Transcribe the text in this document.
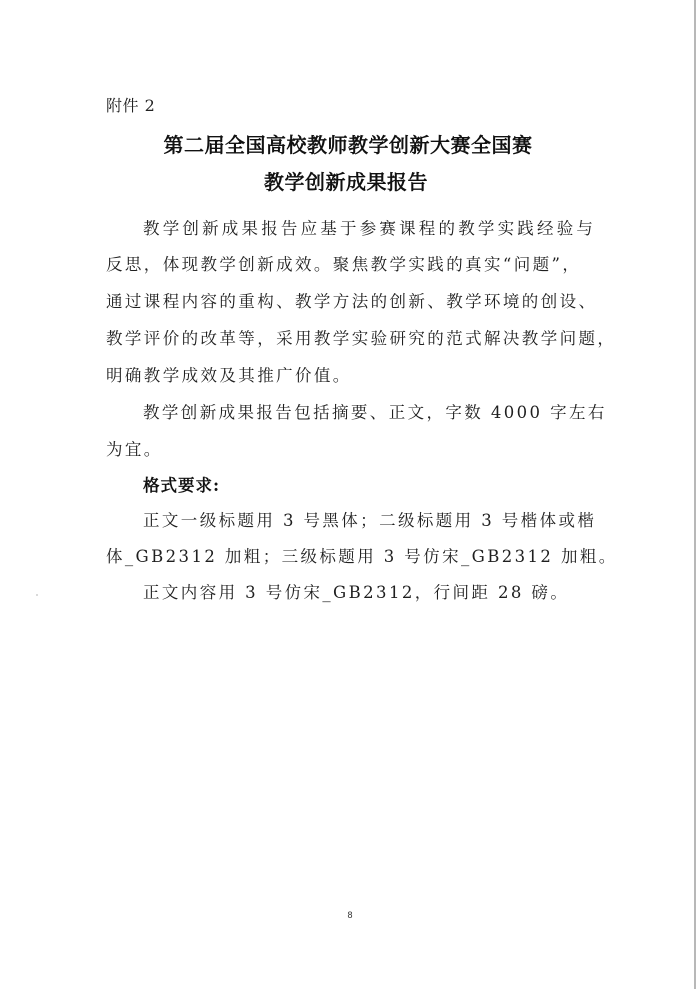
附件 2
第二届全国高校教师教学创新大赛全国赛
教学创新成果报告
教学创新成果报告应基于参赛课程的教学实践经验与
反思，体现教学创新成效。聚焦教学实践的真实“问题”，
通过课程内容的重构、教学方法的创新、教学环境的创设、
教学评价的改革等，采用教学实验研究的范式解决教学问题，
明确教学成效及其推广价值。
教学创新成果报告包括摘要、正文，字数 4000 字左右
为宜。
格式要求:
正文一级标题用 3 号黑体；二级标题用 3 号楷体或楷
体_GB2312 加粗；三级标题用 3 号仿宋_GB2312 加粗。
正文内容用 3 号仿宋_GB2312，行间距 28 磅。
8
